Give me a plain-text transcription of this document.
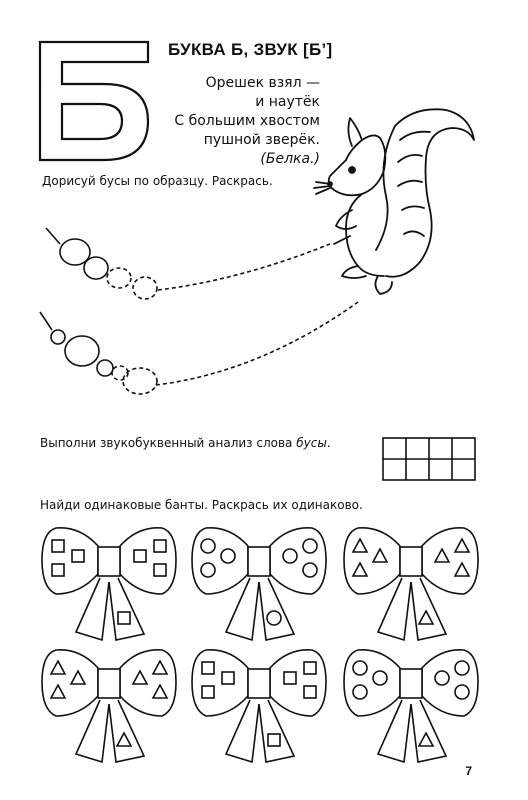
БУКВА Б, ЗВУК [Б’]
Орешек взял —
и наутёк
С большим хвостом
пушной зверёк.
(Белка.)
Дорисуй бусы по образцу. Раскрась.
Выполни звукобуквенный анализ слова бусы.
Найди одинаковые банты. Раскрась их одинаково.
7
